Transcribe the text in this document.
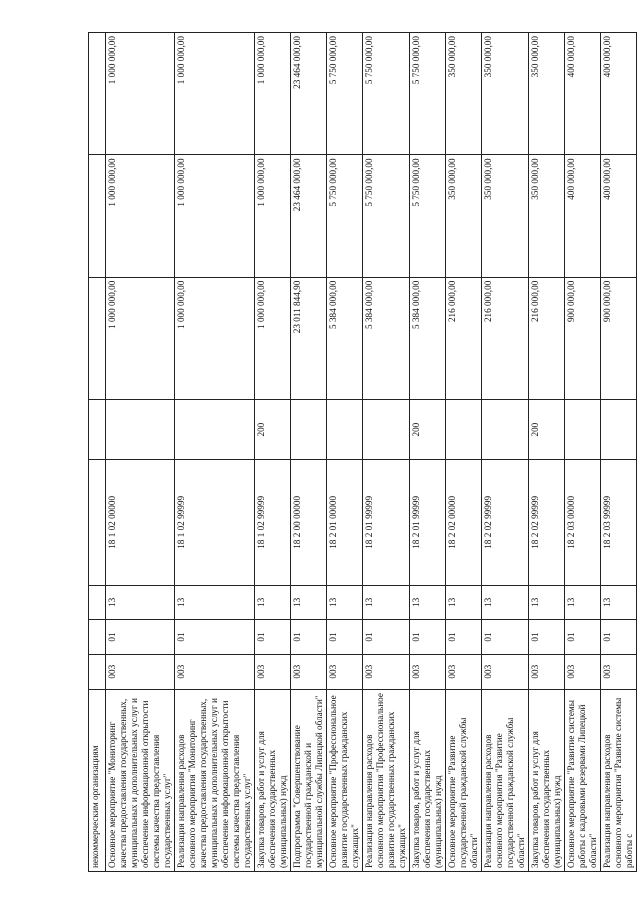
некоммерческим организациям								
Основное мероприятие "Мониторинг качества предоставления государственных, муниципальных и дополнительных услуг и обеспечение информационной открытости системы качества предоставления государственных услуг"	003	01	13	18 1 02 00000		1 000 000,00	1 000 000,00	1 000 000,00
Реализация направления расходов основного мероприятия "Мониторинг качества предоставления государственных, муниципальных и дополнительных услуг и обеспечение информационной открытости системы качества предоставления государственных услуг"	003	01	13	18 1 02 99999		1 000 000,00	1 000 000,00	1 000 000,00
Закупка товаров, работ и услуг для обеспечения государственных (муниципальных) нужд	003	01	13	18 1 02 99999	200	1 000 000,00	1 000 000,00	1 000 000,00
Подпрограмма "Совершенствование государственной гражданской и муниципальной службы Липецкой области"	003	01	13	18 2 00 00000		23 011 844,90	23 464 000,00	23 464 000,00
Основное мероприятие "Профессиональное развитие государственных гражданских служащих"	003	01	13	18 2 01 00000		5 384 000,00	5 750 000,00	5 750 000,00
Реализация направления расходов основного мероприятия "Профессиональное развитие государственных гражданских служащих"	003	01	13	18 2 01 99999		5 384 000,00	5 750 000,00	5 750 000,00
Закупка товаров, работ и услуг для обеспечения государственных (муниципальных) нужд	003	01	13	18 2 01 99999	200	5 384 000,00	5 750 000,00	5 750 000,00
Основное мероприятие "Развитие государственной гражданской службы области"	003	01	13	18 2 02 00000		216 000,00	350 000,00	350 000,00
Реализация направления расходов основного мероприятия "Развитие государственной гражданской службы области"	003	01	13	18 2 02 99999		216 000,00	350 000,00	350 000,00
Закупка товаров, работ и услуг для обеспечения государственных (муниципальных) нужд	003	01	13	18 2 02 99999	200	216 000,00	350 000,00	350 000,00
Основное мероприятие "Развитие системы работы с кадровыми резервами Липецкой области"	003	01	13	18 2 03 00000		900 000,00	400 000,00	400 000,00
Реализация направления расходов основного мероприятия "Развитие системы работы с	003	01	13	18 2 03 99999		900 000,00	400 000,00	400 000,00
